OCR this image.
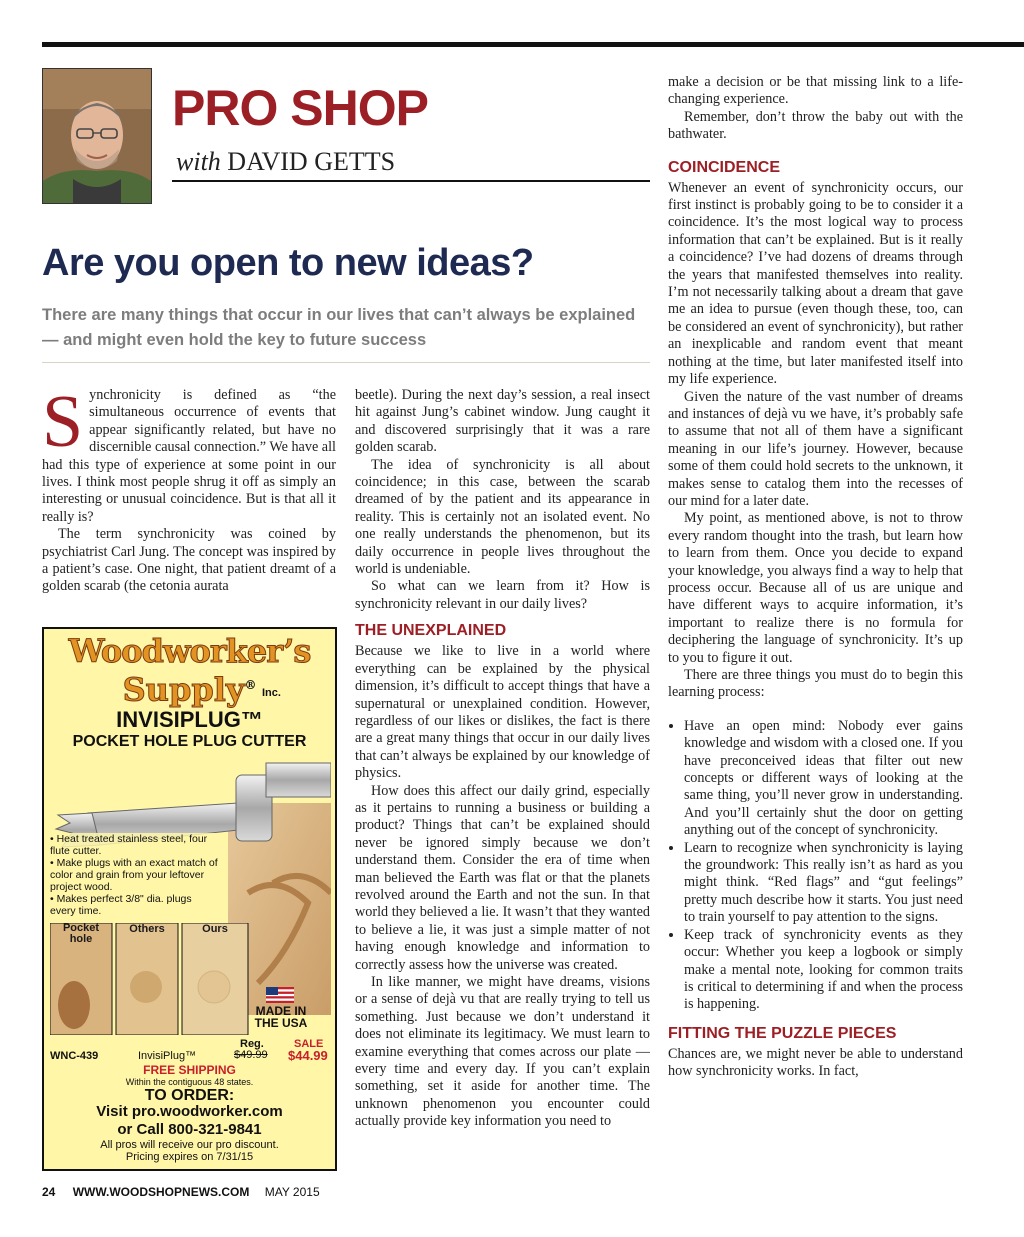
PRO SHOP
with DAVID GETTS
Are you open to new ideas?
There are many things that occur in our lives that can’t always be explained
— and might even hold the key to future success

Synchronicity is defined as “the simultaneous occurrence of events that appear significantly related, but have no discernible causal connection.” We have all had this type of experience at some point in our lives. I think most people shrug it off as simply an interesting or unusual coincidence. But is that all it really is?

The term synchronicity was coined by psychiatrist Carl Jung. The concept was inspired by a patient’s case. One night, that patient dreamt of a golden scarab (the cetonia aurata

Woodworker’s
Supply®
Inc.
INVISIPLUG™
POCKET HOLE PLUG CUTTER
• Heat treated stainless steel, four flute cutter.
• Make plugs with an exact match of color and grain from your leftover project wood.
• Makes perfect 3/8" dia. plugs every time.
Pocket hole
Others	Ours
MADE IN THE USA
Reg.
$49.99
SALE
$44.99
WNC-439	InvisiPlug™
FREE SHIPPING
Within the contiguous 48 states.
TO ORDER:
Visit pro.woodworker.com
or Call 800-321-9841
All pros will receive our pro discount.
Pricing expires on 7/31/15

beetle). During the next day’s session, a real insect hit against Jung’s cabinet window. Jung caught it and discovered surprisingly that it was a rare golden scarab.

The idea of synchronicity is all about coincidence; in this case, between the scarab dreamed of by the patient and its appearance in reality. This is certainly not an isolated event. No one really understands the phenomenon, but its daily occurrence in people lives throughout the world is undeniable.

So what can we learn from it? How is synchronicity relevant in our daily lives?

THE UNEXPLAINED

Because we like to live in a world where everything can be explained by the physical dimension, it’s difficult to accept things that have a supernatural or unexplained condition. However, regardless of our likes or dislikes, the fact is there are a great many things that occur in our daily lives that can’t always be explained by our knowledge of physics.

How does this affect our daily grind, especially as it pertains to running a business or building a product? Things that can’t be explained should never be ignored simply because we don’t understand them. Consider the era of time when man believed the Earth was flat or that the planets revolved around the Earth and not the sun. In that world they believed a lie. It wasn’t that they wanted to believe a lie, it was just a simple matter of not having enough knowledge and information to correctly assess how the universe was created.

In like manner, we might have dreams, visions or a sense of dejà vu that are really trying to tell us something. Just because we don’t understand it does not eliminate its legitimacy. We must learn to examine everything that comes across our plate — every time and every day. If you can’t explain something, set it aside for another time. The unknown phenomenon you encounter could actually provide key information you need to

make a decision or be that missing link to a life-changing experience.

Remember, don’t throw the baby out with the bathwater.

COINCIDENCE

Whenever an event of synchronicity occurs, our first instinct is probably going to be to consider it a coincidence. It’s the most logical way to process information that can’t be explained. But is it really a coincidence? I’ve had dozens of dreams through the years that manifested themselves into reality. I’m not necessarily talking about a dream that gave me an idea to pursue (even though these, too, can be considered an event of synchronicity), but rather an inexplicable and random event that meant nothing at the time, but later manifested itself into my life experience.

Given the nature of the vast number of dreams and instances of dejà vu we have, it’s probably safe to assume that not all of them have a significant meaning in our life’s journey. However, because some of them could hold secrets to the unknown, it makes sense to catalog them into the recesses of our mind for a later date.

My point, as mentioned above, is not to throw every random thought into the trash, but learn how to learn from them. Once you decide to expand your knowledge, you always find a way to help that process occur. Because all of us are unique and have different ways to acquire information, it’s important to realize there is no formula for deciphering the language of synchronicity. It’s up to you to figure it out.

There are three things you must do to begin this learning process:

• Have an open mind: Nobody ever gains knowledge and wisdom with a closed one. If you have preconceived ideas that filter out new concepts or different ways of looking at the same thing, you’ll never grow in understanding. And you’ll certainly shut the door on getting anything out of the concept of synchronicity.
• Learn to recognize when synchronicity is laying the groundwork: This really isn’t as hard as you might think. “Red flags” and “gut feelings” pretty much describe how it starts. You just need to train yourself to pay attention to the signs.
• Keep track of synchronicity events as they occur: Whether you keep a logbook or simply make a mental note, looking for common traits is critical to determining if and when the process is happening.
FITTING THE PUZZLE PIECES

Chances are, we might never be able to understand how synchronicity works. In fact,

24 WWW.WOODSHOPNEWS.COM MAY 2015
